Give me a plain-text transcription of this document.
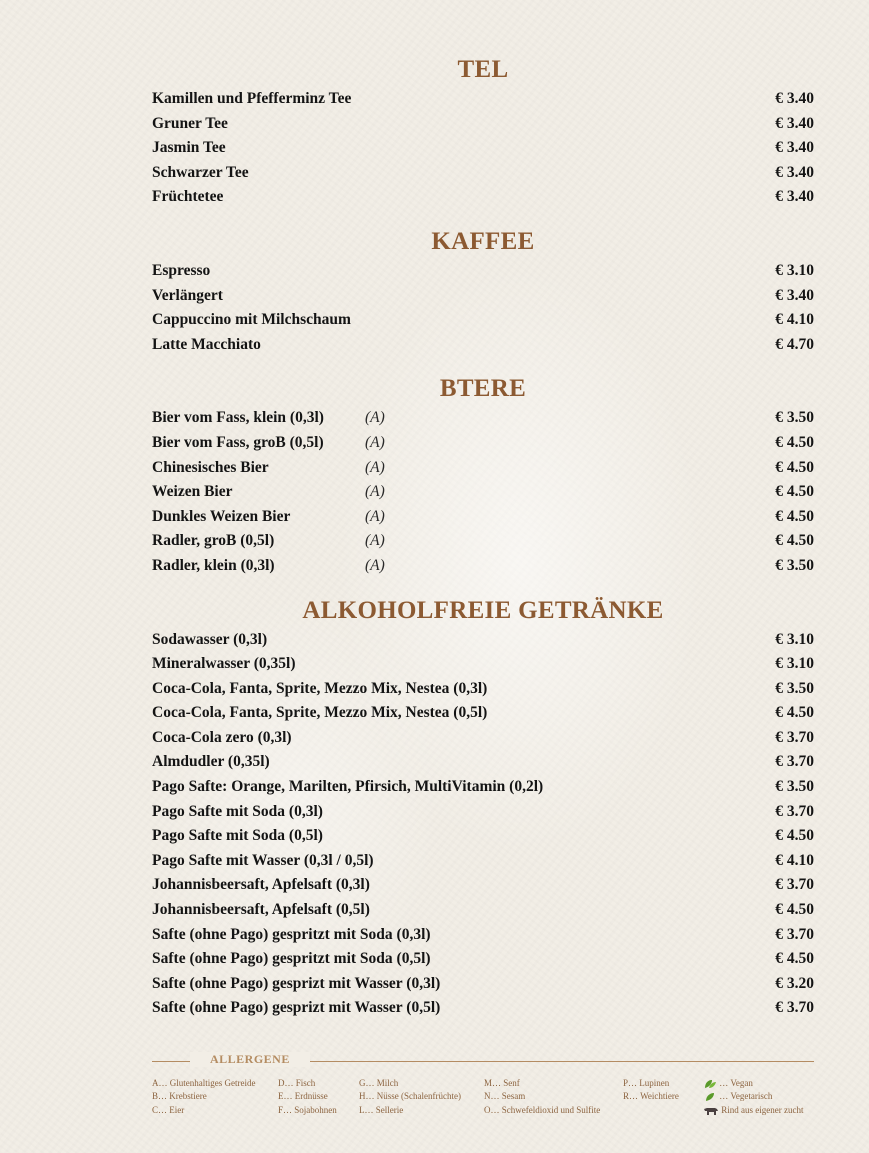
TEL
Kamillen und Pfefferminz Tee	€ 3.40
Gruner Tee	€ 3.40
Jasmin Tee	€ 3.40
Schwarzer Tee	€ 3.40
Früchtetee	€ 3.40
KAFFEE
Espresso	€ 3.10
Verlängert	€ 3.40
Cappuccino mit Milchschaum	€ 4.10
Latte Macchiato	€ 4.70
BTERE
Bier vom Fass, klein (0,3l)	(A)	€ 3.50
Bier vom Fass, groB (0,5l)	(A)	€ 4.50
Chinesisches Bier	(A)	€ 4.50
Weizen Bier	(A)	€ 4.50
Dunkles Weizen Bier	(A)	€ 4.50
Radler, groB (0,5l)	(A)	€ 4.50
Radler, klein (0,3l)	(A)	€ 3.50
ALKOHOLFREIE GETRÄNKE
Sodawasser (0,3l)	€ 3.10
Mineralwasser (0,35l)	€ 3.10
Coca-Cola, Fanta, Sprite, Mezzo Mix, Nestea (0,3l)	€ 3.50
Coca-Cola, Fanta, Sprite, Mezzo Mix, Nestea (0,5l)	€ 4.50
Coca-Cola zero (0,3l)	€ 3.70
Almdudler (0,35l)	€ 3.70
Pago Safte: Orange, Marilten, Pfirsich, MultiVitamin (0,2l)	€ 3.50
Pago Safte mit Soda (0,3l)	€ 3.70
Pago Safte mit Soda (0,5l)	€ 4.50
Pago Safte mit Wasser (0,3l / 0,5l)	€ 4.10
Johannisbeersaft, Apfelsaft (0,3l)	€ 3.70
Johannisbeersaft, Apfelsaft (0,5l)	€ 4.50
Safte (ohne Pago) gespritzt mit Soda (0,3l)	€ 3.70
Safte (ohne Pago) gespritzt mit Soda (0,5l)	€ 4.50
Safte (ohne Pago) gesprizt mit Wasser (0,3l)	€ 3.20
Safte (ohne Pago) gesprizt mit Wasser (0,5l)	€ 3.70
ALLERGENE
A… Glutenhaltiges Getreide
B… Krebstiere
C… Eier
D… Fisch
E… Erdnüsse
F… Sojabohnen
G… Milch
H… Nüsse (Schalenfrüchte)
L… Sellerie
M… Senf
N… Sesam
O… Schwefeldioxid und Sulfite
P… Lupinen
R… Weichtiere
… Vegan
… Vegetarisch
Rind aus eigener zucht
